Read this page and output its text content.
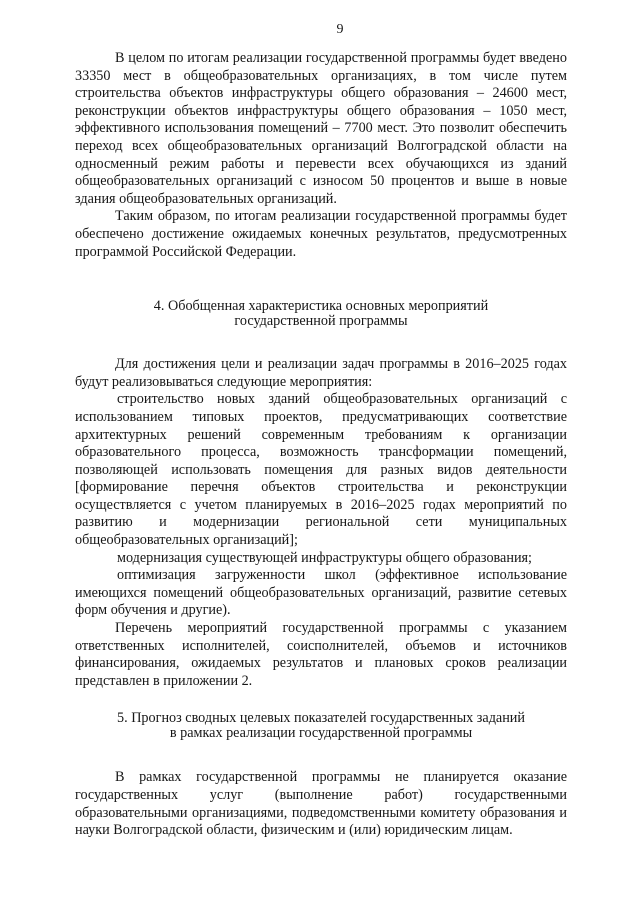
9

В целом по итогам реализации государственной программы будет введено 33350 мест в общеобразовательных организациях, в том числе путем строительства объектов инфраструктуры общего образования – 24600 мест, реконструкции объектов инфраструктуры общего образования – 1050 мест, эффективного использования помещений – 7700 мест. Это позволит обеспечить переход всех общеобразовательных организаций Волгоградской области на односменный режим работы и перевести всех обучающихся из зданий общеобразовательных организаций с износом 50 процентов и выше в новые здания общеобразовательных организаций.

Таким образом, по итогам реализации государственной программы будет обеспечено достижение ожидаемых конечных результатов, предусмотренных программой Российской Федерации.

4. Обобщенная характеристика основных мероприятий
государственной программы

Для достижения цели и реализации задач программы в 2016–2025 годах будут реализовываться следующие мероприятия:

строительство новых зданий общеобразовательных организаций с использованием типовых проектов, предусматривающих соответствие архитектурных решений современным требованиям к организации образовательного процесса, возможность трансформации помещений, позволяющей использовать помещения для разных видов деятельности [формирование перечня объектов строительства и реконструкции осуществляется с учетом планируемых в 2016–2025 годах мероприятий по развитию и модернизации региональной сети муниципальных общеобразовательных организаций];

модернизация существующей инфраструктуры общего образования;

оптимизация загруженности школ (эффективное использование имеющихся помещений общеобразовательных организаций, развитие сетевых форм обучения и другие).

Перечень мероприятий государственной программы с указанием ответственных исполнителей, соисполнителей, объемов и источников финансирования, ожидаемых результатов и плановых сроков реализации представлен в приложении 2.

5. Прогноз сводных целевых показателей государственных заданий
в рамках реализации государственной программы

В рамках государственной программы не планируется оказание государственных услуг (выполнение работ) государственными образовательными организациями, подведомственными комитету образования и науки Волгоградской области, физическим и (или) юридическим лицам.
